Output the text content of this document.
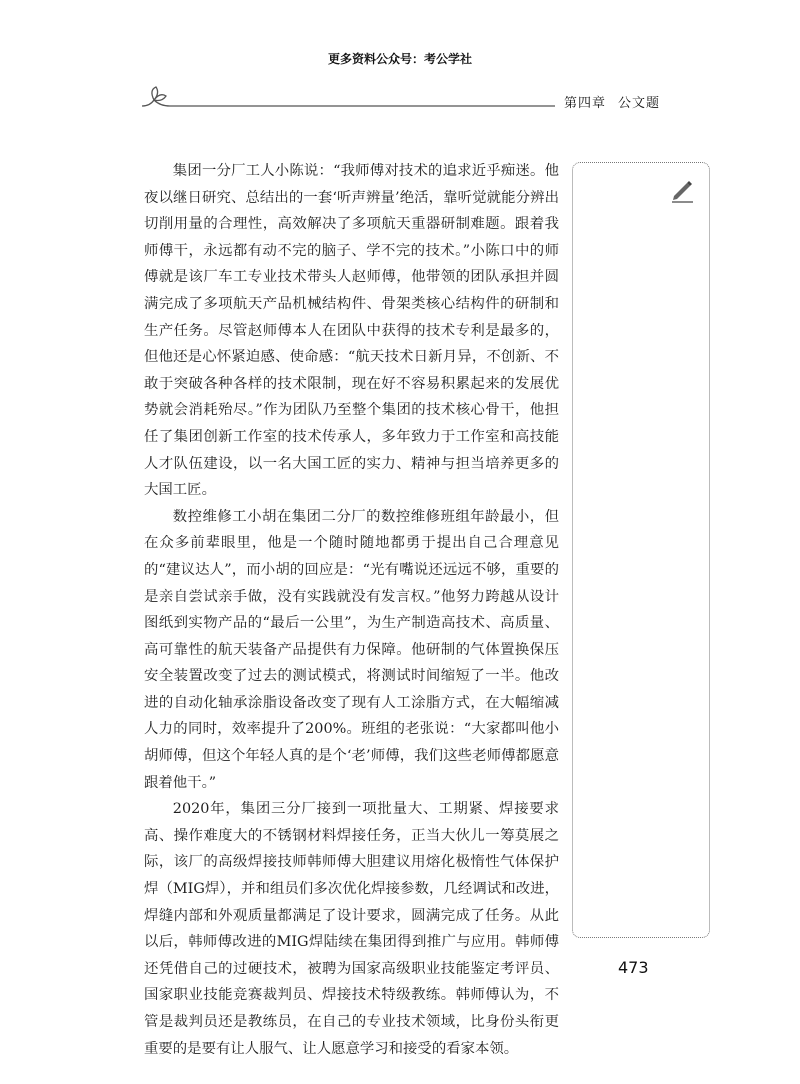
更多资料公众号：考公学社
第四章 公文题

集团一分厂工人小陈说：“我师傅对技术的追求近乎痴迷。他夜以继日研究、总结出的一套‘听声辨量’绝活，靠听觉就能分辨出切削用量的合理性，高效解决了多项航天重器研制难题。跟着我师傅干，永远都有动不完的脑子、学不完的技术。”小陈口中的师傅就是该厂车工专业技术带头人赵师傅，他带领的团队承担并圆满完成了多项航天产品机械结构件、骨架类核心结构件的研制和生产任务。尽管赵师傅本人在团队中获得的技术专利是最多的，但他还是心怀紧迫感、使命感：“航天技术日新月异，不创新、不敢于突破各种各样的技术限制，现在好不容易积累起来的发展优势就会消耗殆尽。”作为团队乃至整个集团的技术核心骨干，他担任了集团创新工作室的技术传承人，多年致力于工作室和高技能人才队伍建设，以一名大国工匠的实力、精神与担当培养更多的大国工匠。

数控维修工小胡在集团二分厂的数控维修班组年龄最小，但在众多前辈眼里，他是一个随时随地都勇于提出自己合理意见的“建议达人”，而小胡的回应是：“光有嘴说还远远不够，重要的是亲自尝试亲手做，没有实践就没有发言权。”他努力跨越从设计图纸到实物产品的“最后一公里”，为生产制造高技术、高质量、高可靠性的航天装备产品提供有力保障。他研制的气体置换保压安全装置改变了过去的测试模式，将测试时间缩短了一半。他改进的自动化轴承涂脂设备改变了现有人工涂脂方式，在大幅缩减人力的同时，效率提升了200%。班组的老张说：“大家都叫他小胡师傅，但这个年轻人真的是个‘老’师傅，我们这些老师傅都愿意跟着他干。”

2020年，集团三分厂接到一项批量大、工期紧、焊接要求高、操作难度大的不锈钢材料焊接任务，正当大伙儿一筹莫展之际，该厂的高级焊接技师韩师傅大胆建议用熔化极惰性气体保护焊（MIG焊），并和组员们多次优化焊接参数，几经调试和改进，焊缝内部和外观质量都满足了设计要求，圆满完成了任务。从此以后，韩师傅改进的MIG焊陆续在集团得到推广与应用。韩师傅还凭借自己的过硬技术，被聘为国家高级职业技能鉴定考评员、国家职业技能竞赛裁判员、焊接技术特级教练。韩师傅认为，不管是裁判员还是教练员，在自己的专业技术领域，比身份头衔更重要的是要有让人服气、让人愿意学习和接受的看家本领。

473
